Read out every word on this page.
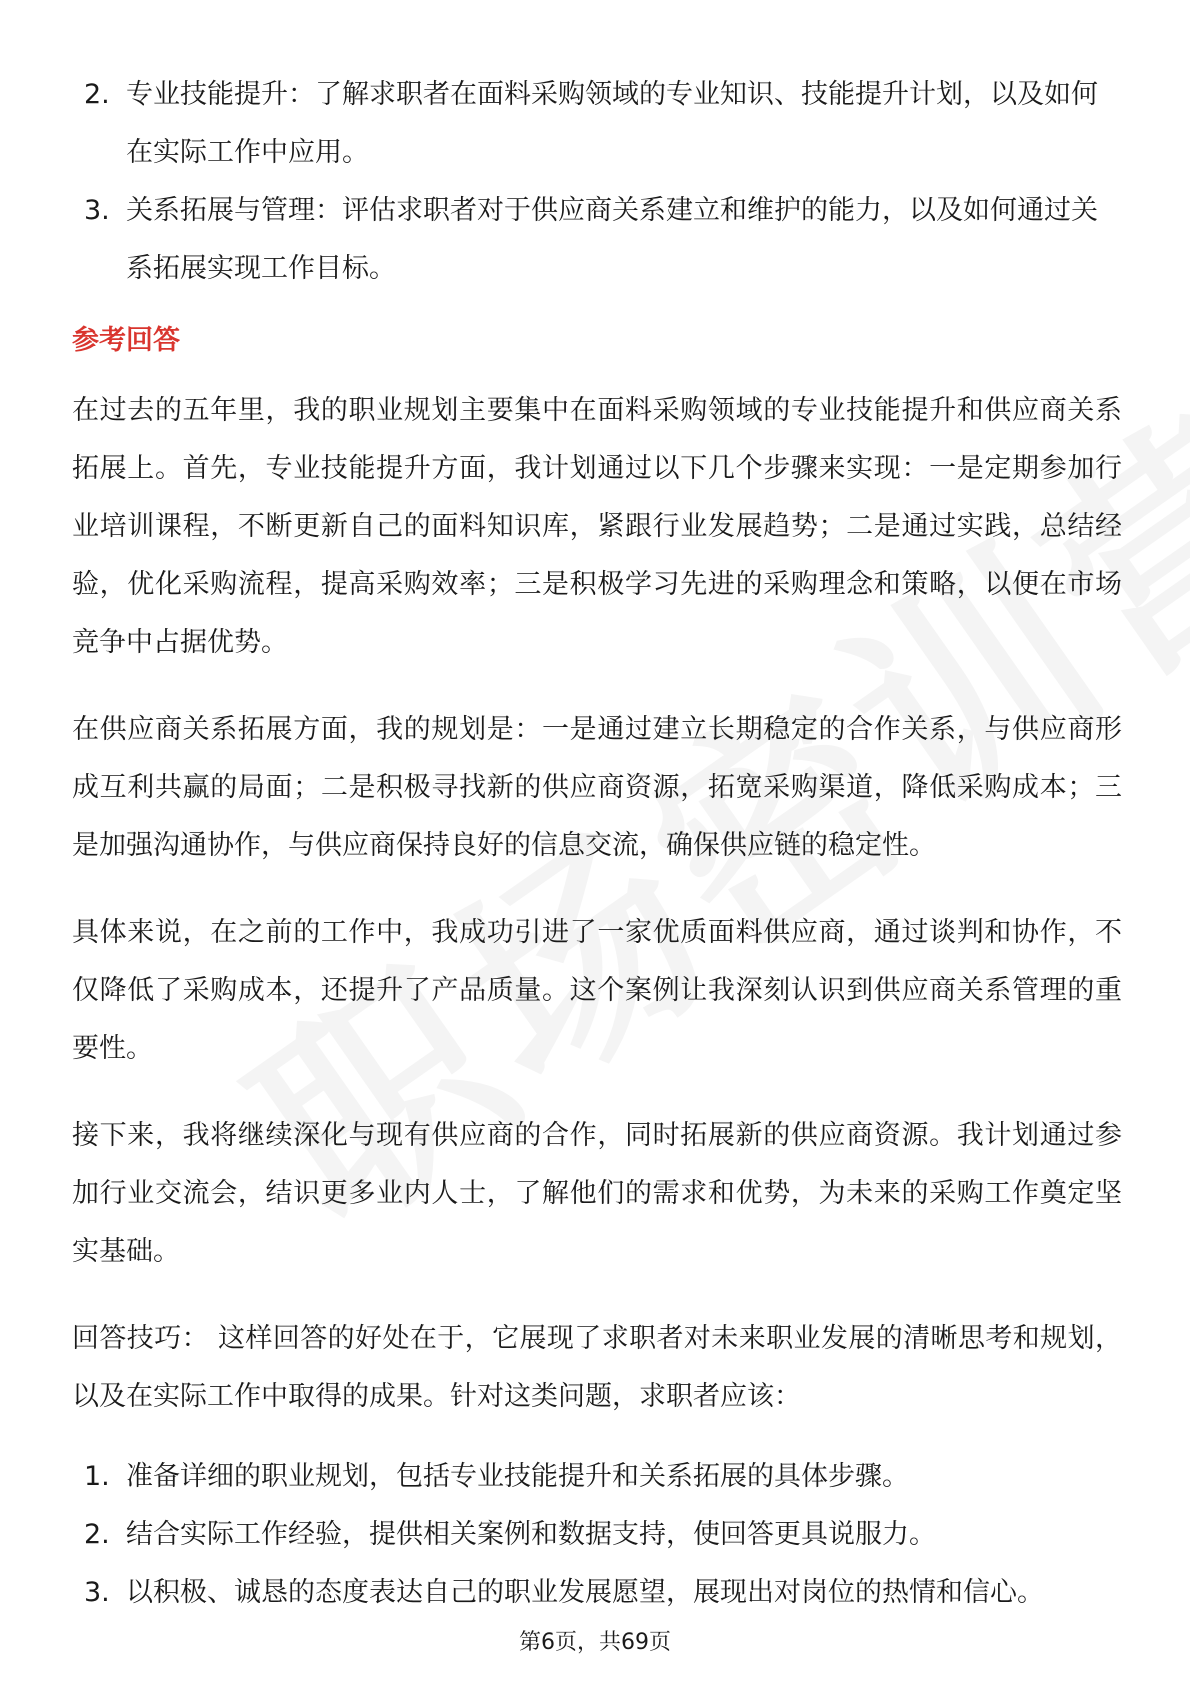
2. 专业技能提升：了解求职者在面料采购领域的专业知识、技能提升计划，以及如何在实际工作中应用。
3. 关系拓展与管理：评估求职者对于供应商关系建立和维护的能力，以及如何通过关系拓展实现工作目标。
参考回答

在过去的五年里，我的职业规划主要集中在面料采购领域的专业技能提升和供应商关系拓展上。首先，专业技能提升方面，我计划通过以下几个步骤来实现：一是定期参加行业培训课程，不断更新自己的面料知识库，紧跟行业发展趋势；二是通过实践，总结经验，优化采购流程，提高采购效率；三是积极学习先进的采购理念和策略，以便在市场竞争中占据优势。

在供应商关系拓展方面，我的规划是：一是通过建立长期稳定的合作关系，与供应商形成互利共赢的局面；二是积极寻找新的供应商资源，拓宽采购渠道，降低采购成本；三是加强沟通协作，与供应商保持良好的信息交流，确保供应链的稳定性。

具体来说，在之前的工作中，我成功引进了一家优质面料供应商，通过谈判和协作，不仅降低了采购成本，还提升了产品质量。这个案例让我深刻认识到供应商关系管理的重要性。

接下来，我将继续深化与现有供应商的合作，同时拓展新的供应商资源。我计划通过参加行业交流会，结识更多业内人士，了解他们的需求和优势，为未来的采购工作奠定坚实基础。

回答技巧： 这样回答的好处在于，它展现了求职者对未来职业发展的清晰思考和规划，以及在实际工作中取得的成果。针对这类问题，求职者应该：

1. 准备详细的职业规划，包括专业技能提升和关系拓展的具体步骤。
2. 结合实际工作经验，提供相关案例和数据支持，使回答更具说服力。
3. 以积极、诚恳的态度表达自己的职业发展愿望，展现出对岗位的热情和信心。
第6页，共69页
